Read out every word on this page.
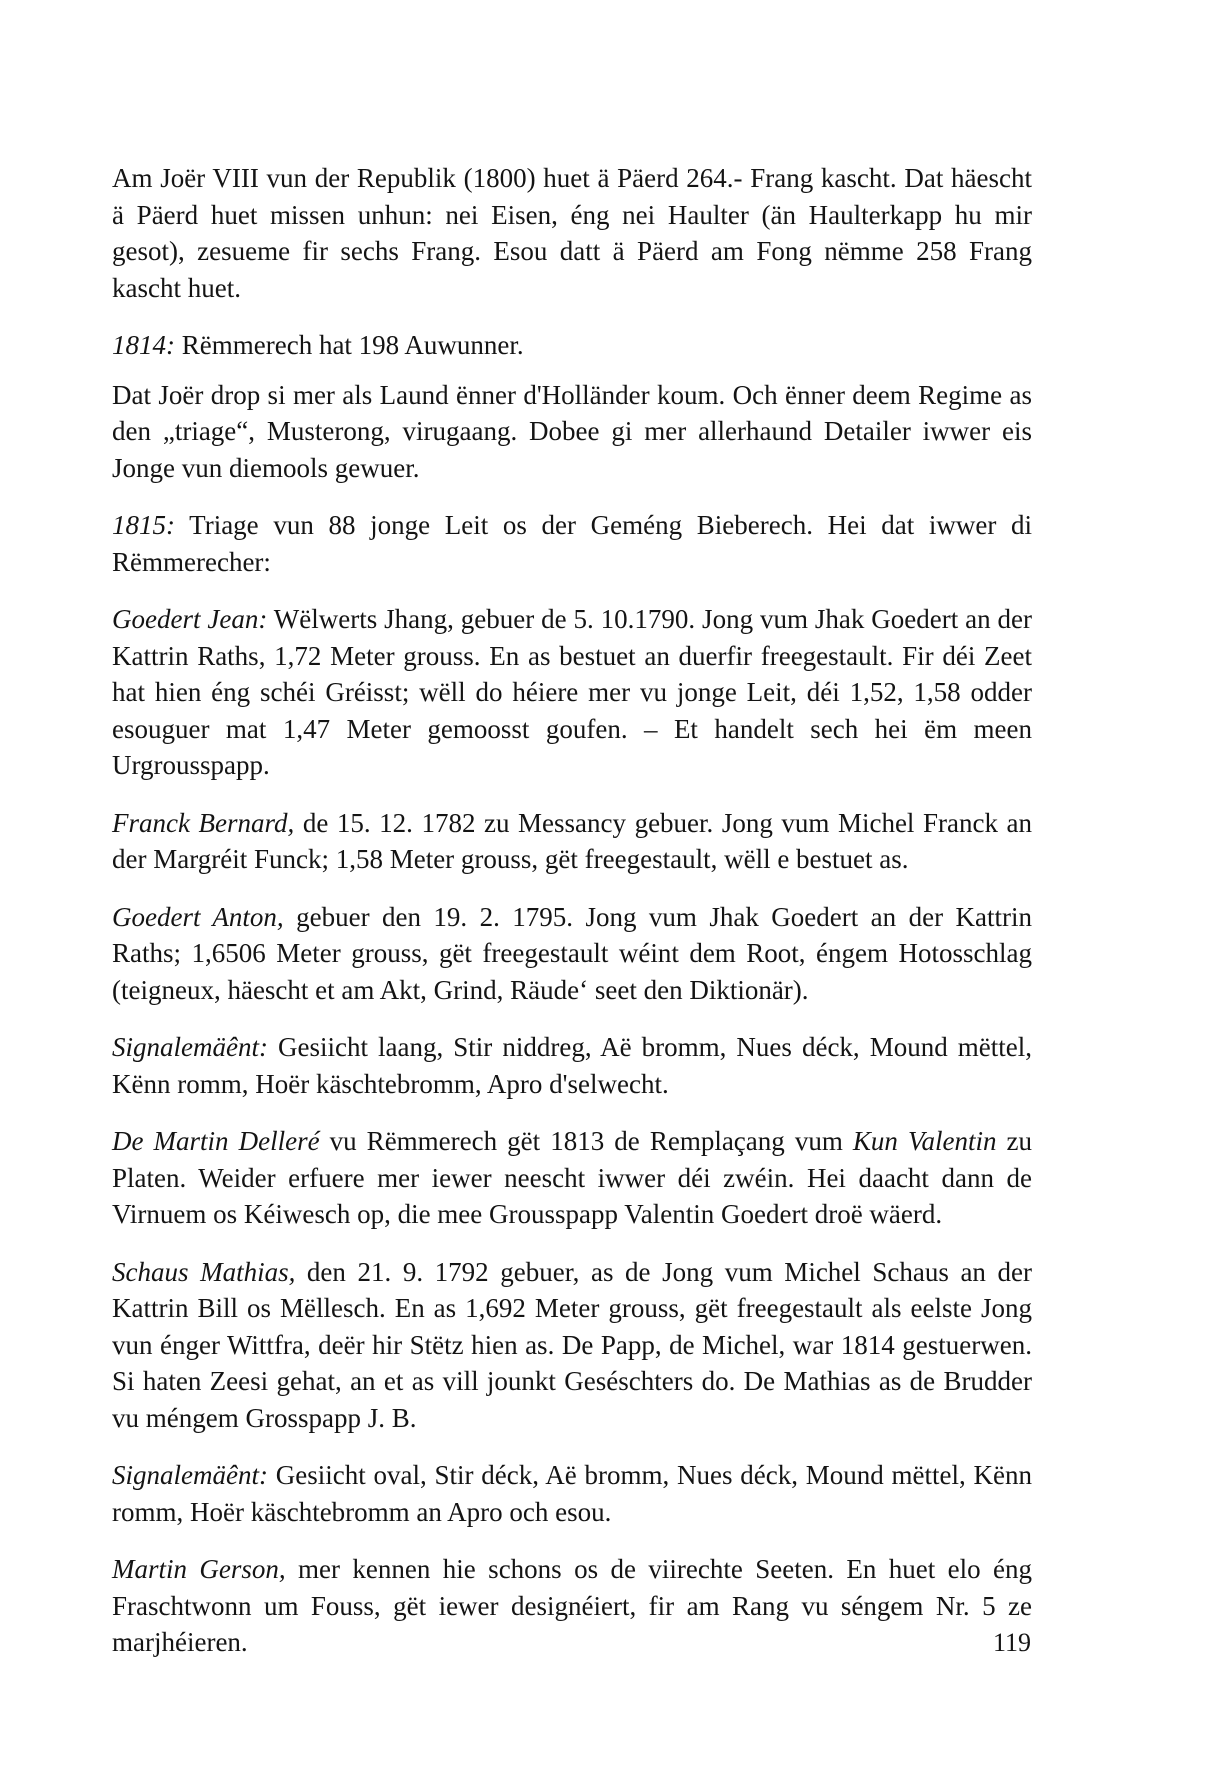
Am Joër VIII vun der Republik (1800) huet ä Päerd 264.- Frang kascht. Dat häescht ä Päerd huet missen unhun: nei Eisen, éng nei Haulter (än Haulterkapp hu mir gesot), zesueme fir sechs Frang. Esou datt ä Päerd am Fong nëmme 258 Frang kascht huet.

1814: Rëmmerech hat 198 Auwunner.

Dat Joër drop si mer als Laund ënner d'Holländer koum. Och ënner deem Regime as den „triage“, Musterong, virugaang. Dobee gi mer allerhaund Detailer iwwer eis Jonge vun diemools gewuer.

1815: Triage vun 88 jonge Leit os der Geméng Bieberech. Hei dat iwwer di Rëmmerecher:

Goedert Jean: Wëlwerts Jhang, gebuer de 5. 10.1790. Jong vum Jhak Goedert an der Kattrin Raths, 1,72 Meter grouss. En as bestuet an duerfir freegestault. Fir déi Zeet hat hien éng schéi Gréisst; wëll do héiere mer vu jonge Leit, déi 1,52, 1,58 odder esouguer mat 1,47 Meter gemoosst goufen. – Et handelt sech hei ëm meen Urgrousspapp.

Franck Bernard, de 15. 12. 1782 zu Messancy gebuer. Jong vum Michel Franck an der Margréit Funck; 1,58 Meter grouss, gët freegestault, wëll e bestuet as.

Goedert Anton, gebuer den 19. 2. 1795. Jong vum Jhak Goedert an der Kattrin Raths; 1,6506 Meter grouss, gët freegestault wéint dem Root, éngem Hotosschlag (teigneux, häescht et am Akt, Grind, Räude‘ seet den Diktionär).

Signalemäênt: Gesiicht laang, Stir niddreg, Aë bromm, Nues déck, Mound mëttel, Kënn romm, Hoër käschtebromm, Apro d'selwecht.

De Martin Delleré vu Rëmmerech gët 1813 de Remplaçang vum Kun Valentin zu Platen. Weider erfuere mer iewer neescht iwwer déi zwéin. Hei daacht dann de Virnuem os Kéiwesch op, die mee Grousspapp Valentin Goedert droë wäerd.

Schaus Mathias, den 21. 9. 1792 gebuer, as de Jong vum Michel Schaus an der Kattrin Bill os Mëllesch. En as 1,692 Meter grouss, gët freegestault als eelste Jong vun énger Wittfra, deër hir Stëtz hien as. De Papp, de Michel, war 1814 gestuerwen. Si haten Zeesi gehat, an et as vill jounkt Geséschters do. De Mathias as de Brudder vu méngem Grosspapp J. B.

Signalemäênt: Gesiicht oval, Stir déck, Aë bromm, Nues déck, Mound mëttel, Kënn romm, Hoër käschtebromm an Apro och esou.

Martin Gerson, mer kennen hie schons os de viirechte Seeten. En huet elo éng Fraschtwonn um Fouss, gët iewer designéiert, fir am Rang vu séngem Nr. 5 ze marjhéieren.	119
